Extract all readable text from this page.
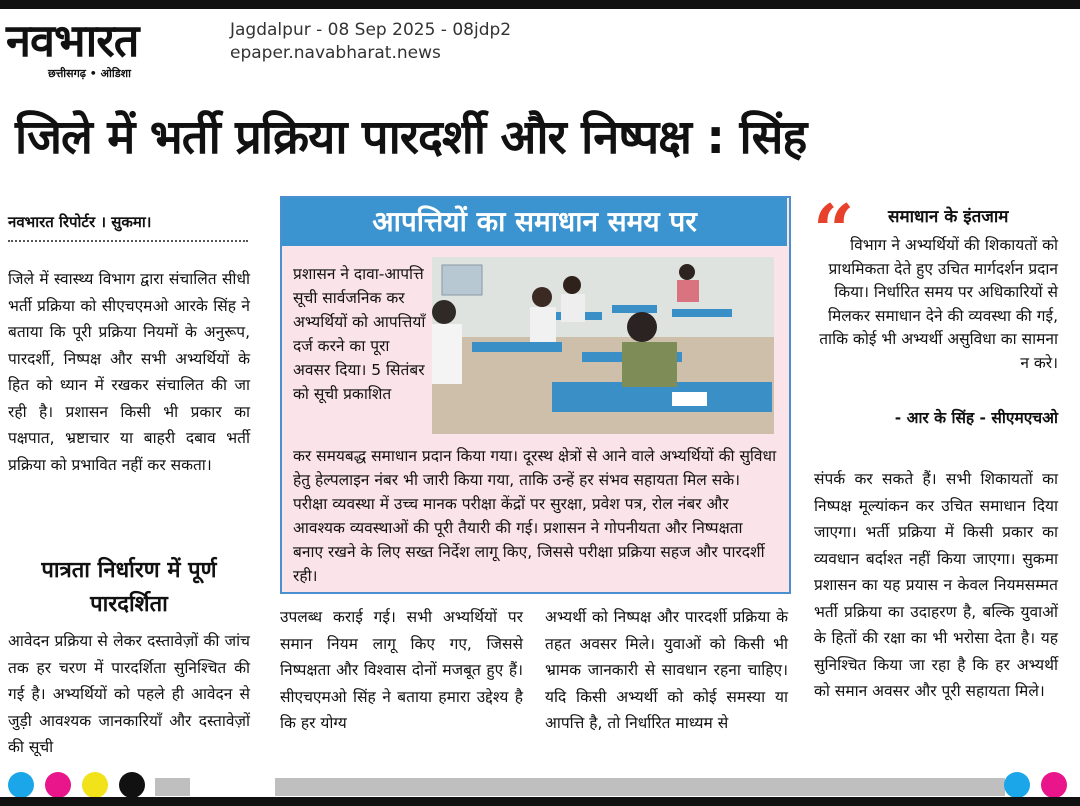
नवभारत
छत्तीसगढ़ • ओडिशा
Jagdalpur - 08 Sep 2025 - 08jdp2
epaper.navabharat.news
जिले में भर्ती प्रक्रिया पारदर्शी और निष्पक्ष : सिंह
नवभारत रिपोर्टर । सुकमा।
जिले में स्वास्थ्य विभाग द्वारा संचालित सीधी भर्ती प्रक्रिया को सीएचएमओ आरके सिंह ने बताया कि पूरी प्रक्रिया नियमों के अनुरूप, पारदर्शी, निष्पक्ष और सभी अभ्यर्थियों के हित को ध्यान में रखकर संचालित की जा रही है। प्रशासन किसी भी प्रकार का पक्षपात, भ्रष्टाचार या बाहरी दबाव भर्ती प्रक्रिया को प्रभावित नहीं कर सकता।
पात्रता निर्धारण में पूर्ण पारदर्शिता
आवेदन प्रक्रिया से लेकर दस्तावेज़ों की जांच तक हर चरण में पारदर्शिता सुनिश्चित की गई है। अभ्यर्थियों को पहले ही आवेदन से जुड़ी आवश्यक जानकारियाँ और दस्तावेज़ों की सूची
आपत्तियों का समाधान समय पर
प्रशासन ने दावा-आपत्ति सूची सार्वजनिक कर अभ्यर्थियों को आपत्तियाँ दर्ज करने का पूरा अवसर दिया। 5 सितंबर को सूची प्रकाशित
कर समयबद्ध समाधान प्रदान किया गया। दूरस्थ क्षेत्रों से आने वाले अभ्यर्थियों की सुविधा हेतु हेल्पलाइन नंबर भी जारी किया गया, ताकि उन्हें हर संभव सहायता मिल सके। परीक्षा व्यवस्था में उच्च मानक परीक्षा केंद्रों पर सुरक्षा, प्रवेश पत्र, रोल नंबर और आवश्यक व्यवस्थाओं की पूरी तैयारी की गई। प्रशासन ने गोपनीयता और निष्पक्षता बनाए रखने के लिए सख्त निर्देश लागू किए, जिससे परीक्षा प्रक्रिया सहज और पारदर्शी रही।
उपलब्ध कराई गई। सभी अभ्यर्थियों पर समान नियम लागू किए गए, जिससे निष्पक्षता और विश्वास दोनों मजबूत हुए हैं। सीएचएमओ सिंह ने बताया हमारा उद्देश्य है कि हर योग्य
अभ्यर्थी को निष्पक्ष और पारदर्शी प्रक्रिया के तहत अवसर मिले। युवाओं को किसी भी भ्रामक जानकारी से सावधान रहना चाहिए। यदि किसी अभ्यर्थी को कोई समस्या या आपत्ति है, तो निर्धारित माध्यम से
“ समाधान के इंतजाम
विभाग ने अभ्यर्थियों की शिकायतों को प्राथमिकता देते हुए उचित मार्गदर्शन प्रदान किया। निर्धारित समय पर अधिकारियों से मिलकर समाधान देने की व्यवस्था की गई, ताकि कोई भी अभ्यर्थी असुविधा का सामना न करे।
- आर के सिंह - सीएमएचओ
संपर्क कर सकते हैं। सभी शिकायतों का निष्पक्ष मूल्यांकन कर उचित समाधान दिया जाएगा। भर्ती प्रक्रिया में किसी प्रकार का व्यवधान बर्दाश्त नहीं किया जाएगा। सुकमा प्रशासन का यह प्रयास न केवल नियमसम्मत भर्ती प्रक्रिया का उदाहरण है, बल्कि युवाओं के हितों की रक्षा का भी भरोसा देता है। यह सुनिश्चित किया जा रहा है कि हर अभ्यर्थी को समान अवसर और पूरी सहायता मिले।
